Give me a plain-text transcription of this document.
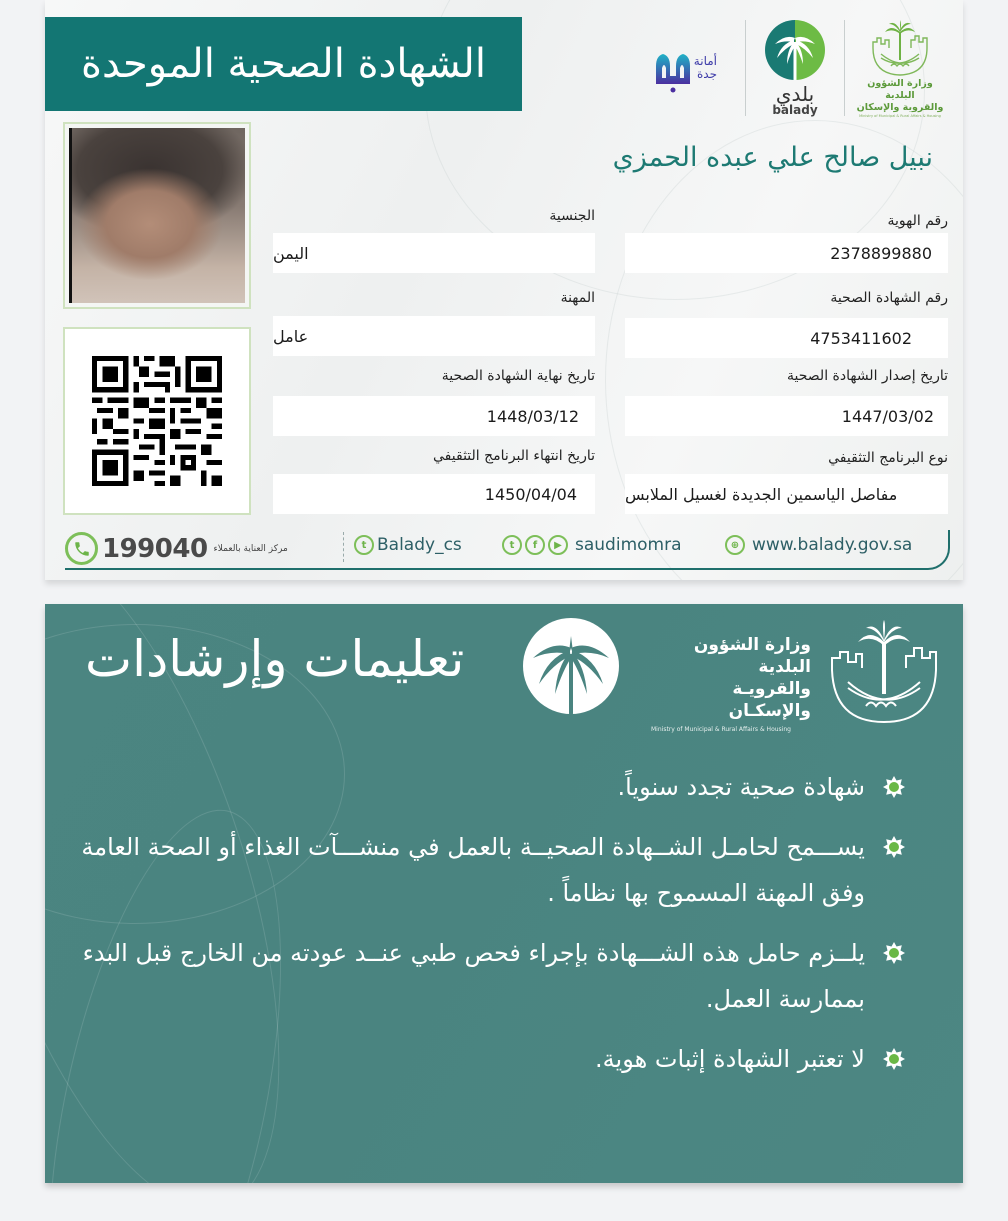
الشهادة الصحية الموحدة	أمانة
جدة
بلدي
balady
وزارة الشؤون البلدية
والقروية والإسكان
Ministry of Municipal & Rural Affairs & Housing
نبيل صالح علي عبده الحمزي
رقم الهوية
2378899880
رقم الشهادة الصحية
4753411602
تاريخ إصدار الشهادة الصحية
1447/03/02
نوع البرنامج التثقيفي
مفاصل الياسمين الجديدة لغسيل الملابس
الجنسية
اليمن
المهنة
عامل
تاريخ نهاية الشهادة الصحية
1448/03/12
تاريخ انتهاء البرنامج التثقيفي
1450/04/04
199040 مركز العناية بالعملاء	t Balady_cs	t	f	▶ saudimomra	⊕ www.balady.gov.sa
تعليمات وإرشادات	وزارة الشؤون البلدية
والقرويـة والإسكـان
Ministry of Municipal & Rural Affairs & Housing
شهادة صحية تجدد سنوياً.
يســـمح لحامـل الشــهادة الصحيــة بالعمل في منشـــآت الغذاء أو الصحة العامة وفق المهنة المسموح بها نظاماً .
يلــزم حامل هذه الشـــهادة بإجراء فحص طبي عنــد عودته من الخارج قبل البدء بممارسة العمل.
لا تعتبر الشهادة إثبات هوية.
